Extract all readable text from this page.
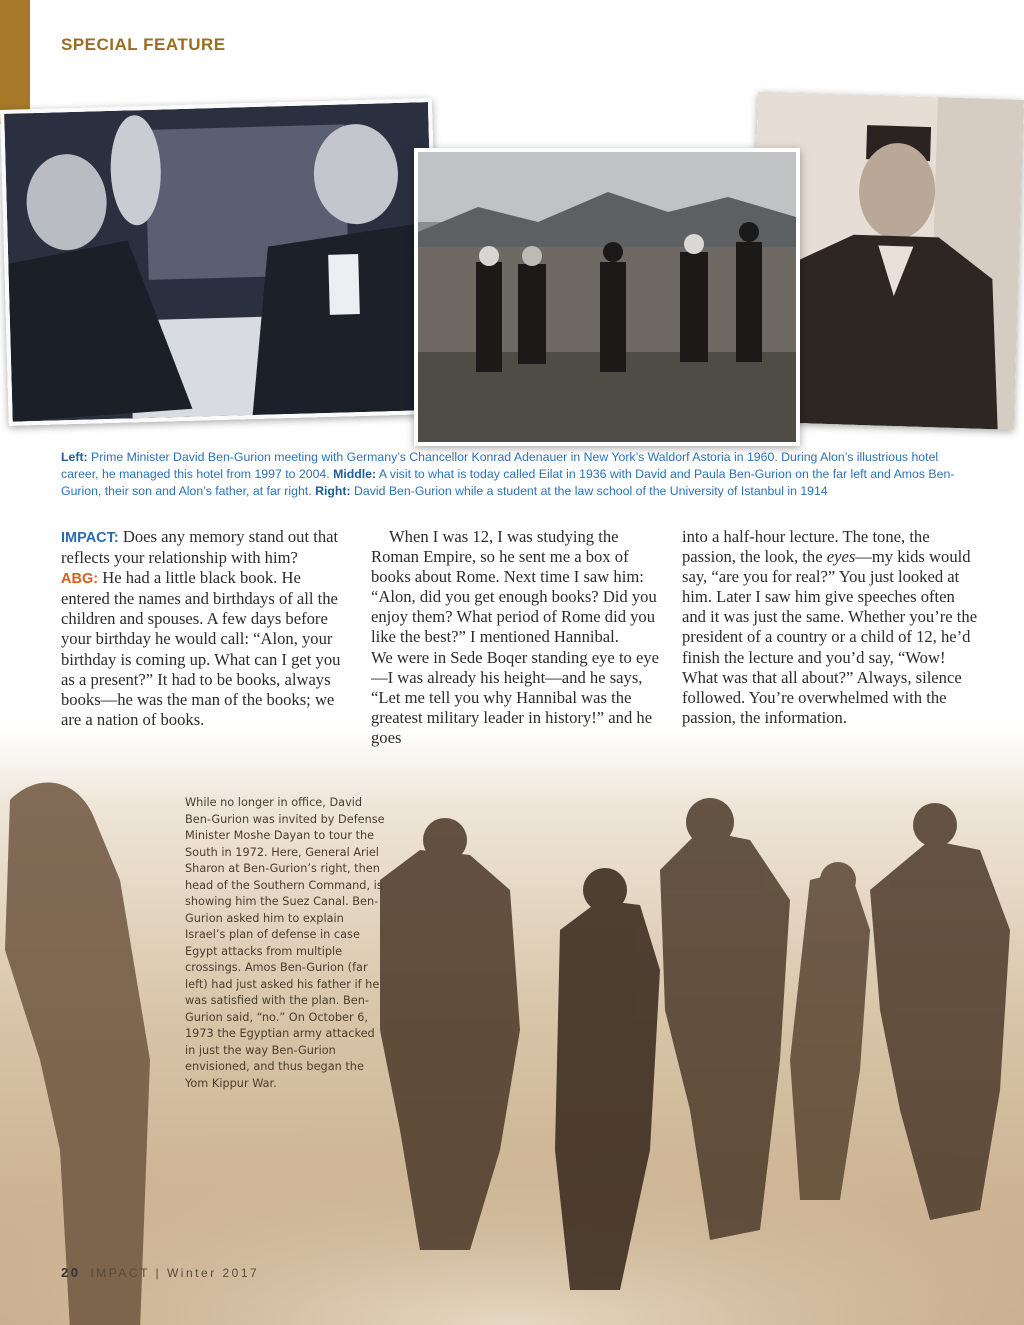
SPECIAL FEATURE
Left: Prime Minister David Ben-Gurion meeting with Germany’s Chancellor Konrad Adenauer in New York’s Waldorf Astoria in 1960. During Alon’s illustrious hotel career, he managed this hotel from 1997 to 2004. Middle: A visit to what is today called Eilat in 1936 with David and Paula Ben-Gurion on the far left and Amos Ben-Gurion, their son and Alon’s father, at far right. Right: David Ben-Gurion while a student at the law school of the University of Istanbul in 1914

IMPACT: Does any memory stand out that reflects your relationship with him?

ABG: He had a little black book. He entered the names and birthdays of all the children and spouses. A few days before your birthday he would call: “Alon, your birthday is coming up. What can I get you as a present?” It had to be books, always books—he was the man of the books; we are a nation of books.

When I was 12, I was studying the Roman Empire, so he sent me a box of books about Rome. Next time I saw him: “Alon, did you get enough books? Did you enjoy them? What period of Rome did you like the best?” I mentioned Hannibal.

We were in Sede Boqer standing eye to eye—I was already his height—and he says, “Let me tell you why Hannibal was the greatest military leader in history!” and he goes

into a half-hour lecture. The tone, the passion, the look, the eyes—my kids would say, “are you for real?” You just looked at him. Later I saw him give speeches often and it was just the same. Whether you’re the president of a country or a child of 12, he’d finish the lecture and you’d say, “Wow! What was that all about?” Always, silence followed. You’re overwhelmed with the passion, the information.

While no longer in office, David Ben-Gurion was invited by Defense Minister Moshe Dayan to tour the South in 1972. Here, General Ariel Sharon at Ben-Gurion’s right, then head of the Southern Command, is showing him the Suez Canal. Ben-Gurion asked him to explain Israel’s plan of defense in case Egypt attacks from multiple crossings. Amos Ben-Gurion (far left) had just asked his father if he was satisfied with the plan. Ben-Gurion said, “no.” On October 6, 1973 the Egyptian army attacked in just the way Ben-Gurion envisioned, and thus began the Yom Kippur War.
20 IMPACT | Winter 2017
